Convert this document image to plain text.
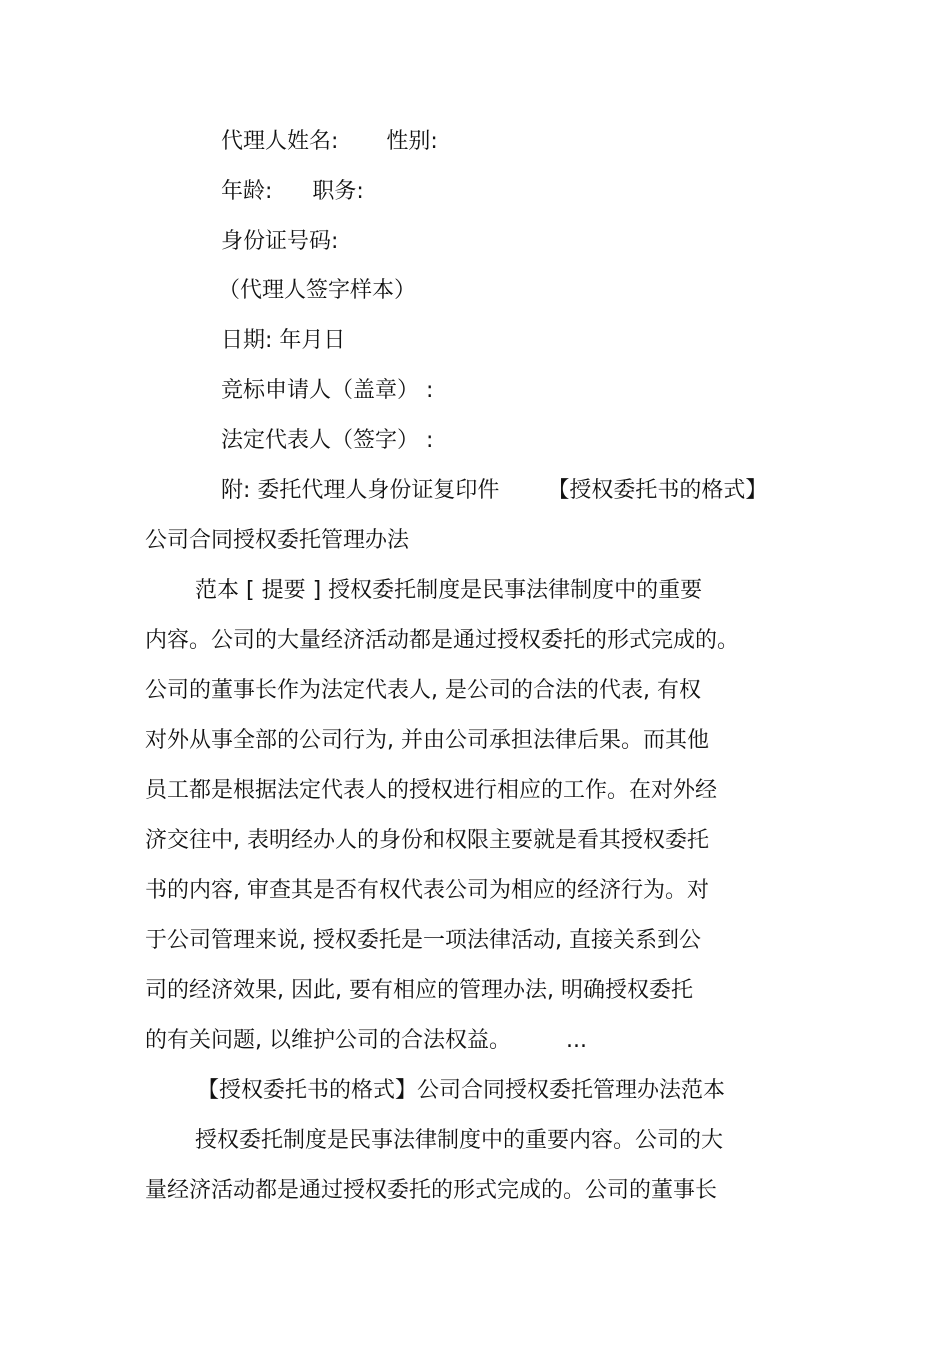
代理人姓名: 性别:
年龄: 职务:
身份证号码:
（代理人签字样本）
日期: 年月日
竞标申请人（盖章） :
法定代表人（签字） :
附: 委托代理人身份证复印件 【授权委托书的格式】
公司合同授权委托管理办法
范本 [ 提要 ] 授权委托制度是民事法律制度中的重要
内容。公司的大量经济活动都是通过授权委托的形式完成的。
公司的董事长作为法定代表人, 是公司的合法的代表, 有权
对外从事全部的公司行为, 并由公司承担法律后果。而其他
员工都是根据法定代表人的授权进行相应的工作。在对外经
济交往中, 表明经办人的身份和权限主要就是看其授权委托
书的内容, 审查其是否有权代表公司为相应的经济行为。对
于公司管理来说, 授权委托是一项法律活动, 直接关系到公
司的经济效果, 因此, 要有相应的管理办法, 明确授权委托
的有关问题, 以维护公司的合法权益。	...
【授权委托书的格式】公司合同授权委托管理办法范本
授权委托制度是民事法律制度中的重要内容。公司的大
量经济活动都是通过授权委托的形式完成的。公司的董事长
